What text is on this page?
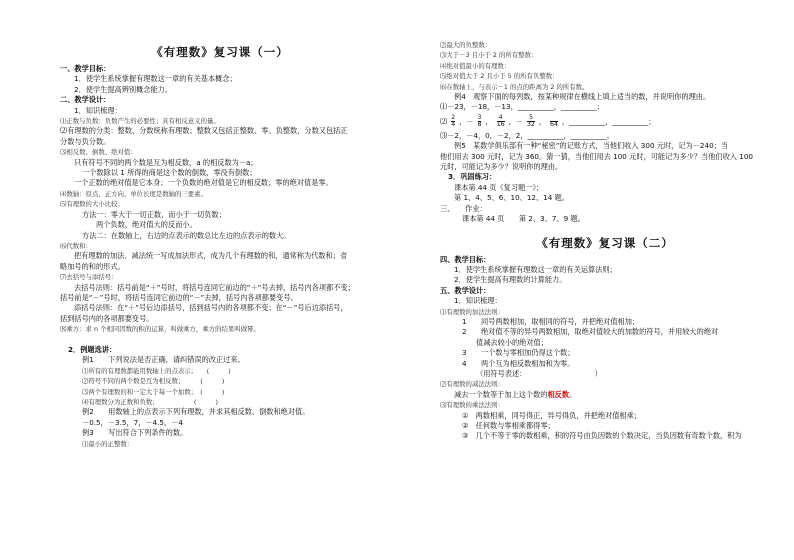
《有理数》复习课（一）
一、教学目标：
1．使学生系统掌握有理数这一章的有关基本概念；
2．使学生提高辨别概念能力。
二、教学设计：
1．知识梳理：
⑴正数与负数：负数产生的必要性；具有相反意义的量。
⑵有理数的分类：整数、分数统称有理数；整数又包括正整数、零、负整数，分数又包括正
分数与负分数。
⑶相反数、倒数、绝对值：
只有符号不同的两个数是互为相反数，a 的相反数为－a；
一个数除以 1 所得的商是这个数的倒数，零没有倒数；
一个正数的绝对值是它本身；一个负数的绝对值是它的相反数；零的绝对值是零。
⑷数轴：原点、正方向、单位长度是数轴的三要素。
⑸有理数的大小比较：
方法一：零大于一切正数，而小于一切负数；
两个负数，绝对值大的反而小。
方法二：在数轴上，右边的点表示的数总比左边的点表示的数大。
⑹代数和：
把有理数的加法、减法统一写成加法形式，成为几个有理数的和，通常称为代数和；省
略加号的和的形式。
⑺去括号与添括号：
去括号法则：括号前是“＋”号时，将括号连同它前边的“＋”号去掉，括号内各项都不变；
括号前是“－”号时，将括号连同它前边的“－”去掉，括号内各项都要变号。
添括号法则：在“＋”号后边添括号，括到括号内的各项都不变；在“－”号后边添括号，
括到括号内的各项都要变号。
⑻乘方：求 n 个相同因数的积的运算，叫做乘方，乘方的结果叫做幂。

2．例题选讲：
例1　　下列说法是否正确，请纠错误的改正过来。
⑴所有的有理数都能用数轴上的点表示；　　(　　　)
⑵符号不同的两个数是互为相反数；　　　(　　　)
⑶两个有理数的和一定大于每一个加数；　(　　　)
⑷有理数分为正数和负数；　　　　　　(　　　)
例2　　用数轴上的点表示下列有理数，并求其相反数、倒数和绝对值。
－0.5，－3.5，7，－4.5，－4
例3　　写出符合下列条件的数。
⑴最小的正整数：
⑵最大的负整数：
⑶大于－3 且小于 2 的所有整数：
⑷绝对值最小的有理数：
⑸绝对值大于 2 且小于 5 的所有负整数：
⑹在数轴上，与表示－1 的点的距离为 2 的所有数。
例4　观察下面的每列数，按某种规律在横线上填上适当的数，并说明你的理由。
⑴－23，－18，－13，__________，__________；
⑵ $\frac{2}{4}$ ，－ $\frac{3}{8}$ ， $\frac{4}{16}$ ，－ $\frac{5}{32}$ ，
64 ， __________，__________；
⑶－2，－4，0，－2，2，__________，__________。
例5　某数学俱乐部有一种“秘密”的记账方式，当他们收入 300 元时，记为－240；当
他们用去 300 元时，记为 360。猜一猜，当他们用去 100 元时，可能记为多少？当他们收入 100
元时，可能记为多少？说明你的理由。
3．巩固练习：
课本第 44 页《复习题一》；
第 1、4、5、6、10、12、14 题。
三、　　作业：
课本第 44 页　　第 2、3、7、9 题。
《有理数》复习课（二）
四、教学目标：
1．使学生系统掌握有理数这一章的有关运算法则；
2．使学生提高有理数的计算能力。
五、教学设计：
1．知识梳理：
⑴有理数的加法法则：
1　　同号两数相加，取相同的符号，并把绝对值相加；
2　　绝对值不等的异号两数相加，取绝对值较大的加数的符号，并用较大的绝对
值减去较小的绝对值；
3　　一个数与零相加仍得这个数；
4　　两个互为相反数相加和为零。
（用符号表述：　　　　　　　　　　）
⑵有理数的减法法则：
减去一个数等于加上这个数的相反数。
⑶有理数的乘法法则：
①　两数相乘，同号得正，异号得负，并把绝对值相乘；
②　任何数与零相乘都得零；
③　几个不等于零的数相乘，积的符号由负因数的个数决定，当负因数有奇数个数，积为
